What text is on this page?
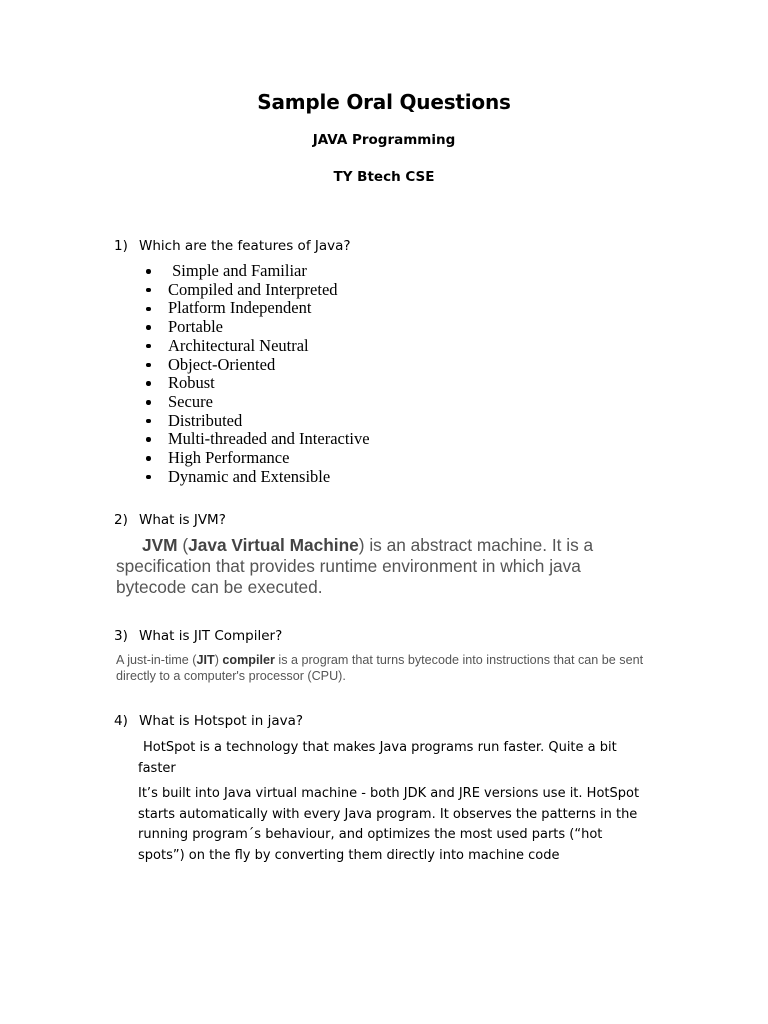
Sample Oral Questions
JAVA Programming
TY Btech CSE
1) Which are the features of Java?
Simple and Familiar
Compiled and Interpreted
Platform Independent
Portable
Architectural Neutral
Object-Oriented
Robust
Secure
Distributed
Multi-threaded and Interactive
High Performance
Dynamic and Extensible
2) What is JVM?
JVM (Java Virtual Machine) is an abstract machine. It is a specification that provides runtime environment in which java bytecode can be executed.
3) What is JIT Compiler?
A just-in-time (JIT) compiler is a program that turns bytecode into instructions that can be sent directly to a computer's processor (CPU).
4) What is Hotspot in java?

HotSpot is a technology that makes Java programs run faster. Quite a bit faster

It’s built into Java virtual machine - both JDK and JRE versions use it. HotSpot starts automatically with every Java program. It observes the patterns in the running program´s behaviour, and optimizes the most used parts (“hot spots”) on the fly by converting them directly into machine code
